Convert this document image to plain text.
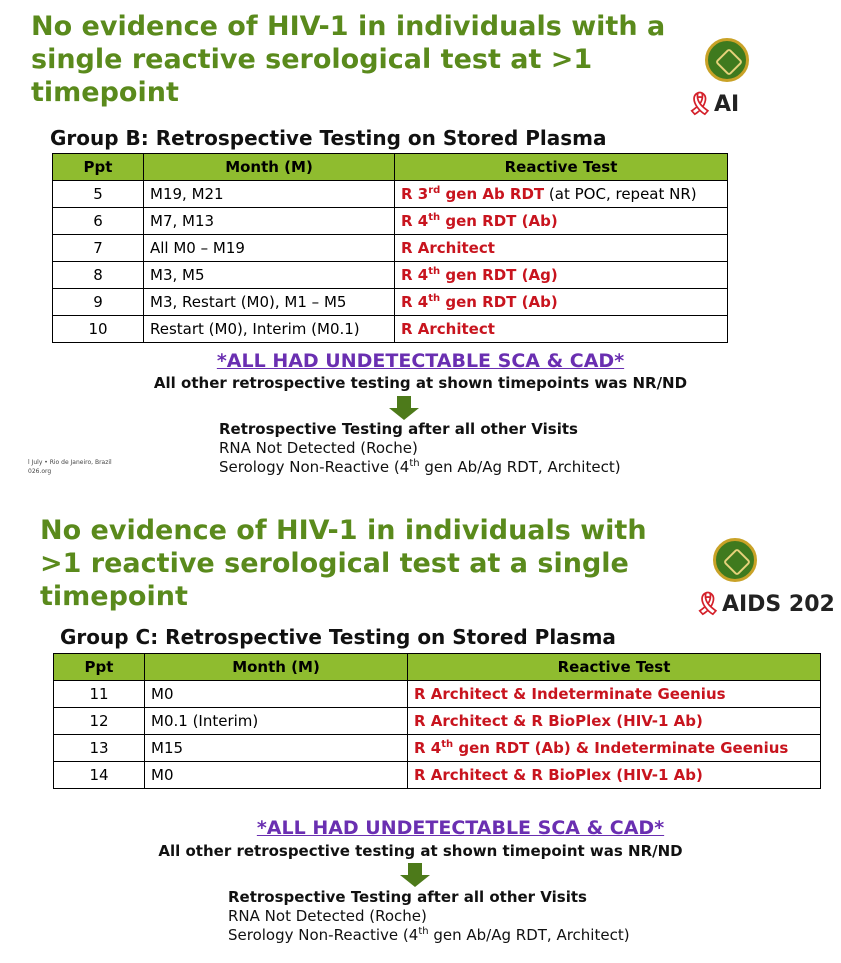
No evidence of HIV-1 in individuals with a
single reactive serological test at >1
timepoint	🎗︎AI
Group B: Retrospective Testing on Stored Plasma
Ppt	Month (M)	Reactive Test
5	M19, M21	R 3rd gen Ab RDT (at POC, repeat NR)
6	M7, M13	R 4th gen RDT (Ab)
7	All M0 – M19	R Architect
8	M3, M5	R 4th gen RDT (Ag)
9	M3, Restart (M0), M1 – M5	R 4th gen RDT (Ab)
10	Restart (M0), Interim (M0.1)	R Architect

*ALL HAD UNDETECTABLE SCA & CAD*

All other retrospective testing at shown timepoints was NR/ND

Retrospective Testing after all other Visits
RNA Not Detected (Roche)
Serology Non-Reactive (4th gen Ab/Ag RDT, Architect)
l July • Rio de Janeiro, Brazil
026.org
No evidence of HIV-1 in individuals with
>1 reactive serological test at a single
timepoint	🎗︎AIDS 202
Group C: Retrospective Testing on Stored Plasma
Ppt	Month (M)	Reactive Test
11	M0	R Architect & Indeterminate Geenius
12	M0.1 (Interim)	R Architect & R BioPlex (HIV-1 Ab)
13	M15	R 4th gen RDT (Ab) & Indeterminate Geenius
14	M0	R Architect & R BioPlex (HIV-1 Ab)

*ALL HAD UNDETECTABLE SCA & CAD*

All other retrospective testing at shown timepoint was NR/ND

Retrospective Testing after all other Visits
RNA Not Detected (Roche)
Serology Non-Reactive (4th gen Ab/Ag RDT, Architect)
